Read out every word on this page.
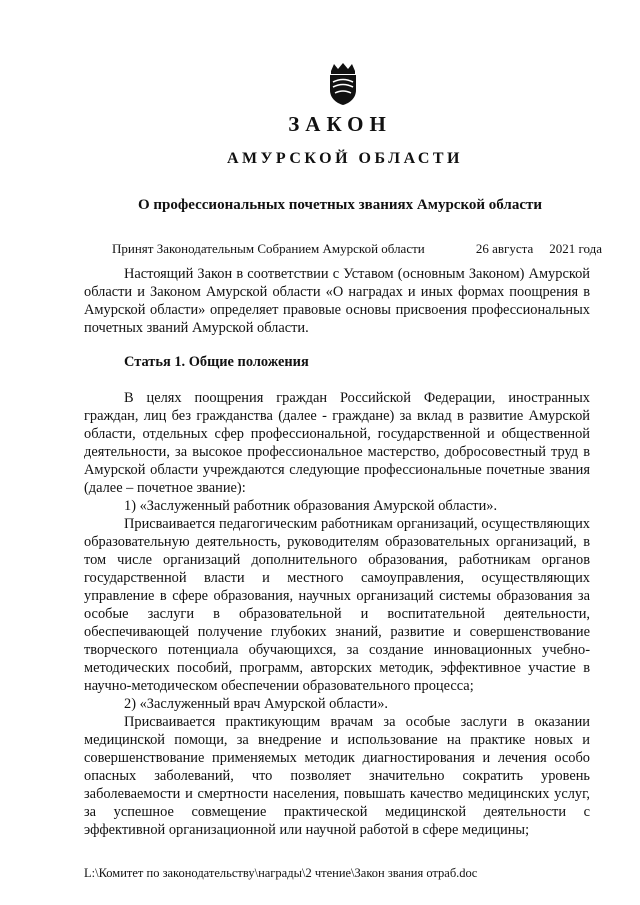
ЗАКОН
АМУРСКОЙ ОБЛАСТИ
О профессиональных почетных званиях Амурской области
Принят Законодательным Собранием Амурской области	26 августа 2021 года

Настоящий Закон в соответствии с Уставом (основным Законом) Амурской области и Законом Амурской области «О наградах и иных формах поощрения в Амурской области» определяет правовые основы присвоения профессиональных почетных званий Амурской области.

Статья 1. Общие положения

В целях поощрения граждан Российской Федерации, иностранных граждан, лиц без гражданства (далее - граждане) за вклад в развитие Амурской области, отдельных сфер профессиональной, государственной и общественной деятельности, за высокое профессиональное мастерство, добросовестный труд в Амурской области учреждаются следующие профессиональные почетные звания (далее – почетное звание):

1) «Заслуженный работник образования Амурской области».

Присваивается педагогическим работникам организаций, осуществляющих образовательную деятельность, руководителям образовательных организаций, в том числе организаций дополнительного образования, работникам органов государственной власти и местного самоуправления, осуществляющих управление в сфере образования, научных организаций системы образования за особые заслуги в образовательной и воспитательной деятельности, обеспечивающей получение глубоких знаний, развитие и совершенствование творческого потенциала обучающихся, за создание инновационных учебно-методических пособий, программ, авторских методик, эффективное участие в научно-методическом обеспечении образовательного процесса;

2) «Заслуженный врач Амурской области».

Присваивается практикующим врачам за особые заслуги в оказании медицинской помощи, за внедрение и использование на практике новых и совершенствование применяемых методик диагностирования и лечения особо опасных заболеваний, что позволяет значительно сократить уровень заболеваемости и смертности населения, повышать качество медицинских услуг, за успешное совмещение практической медицинской деятельности с эффективной организационной или научной работой в сфере медицины;

L:\Комитет по законодательству\награды\2 чтение\Закон звания отраб.doc
